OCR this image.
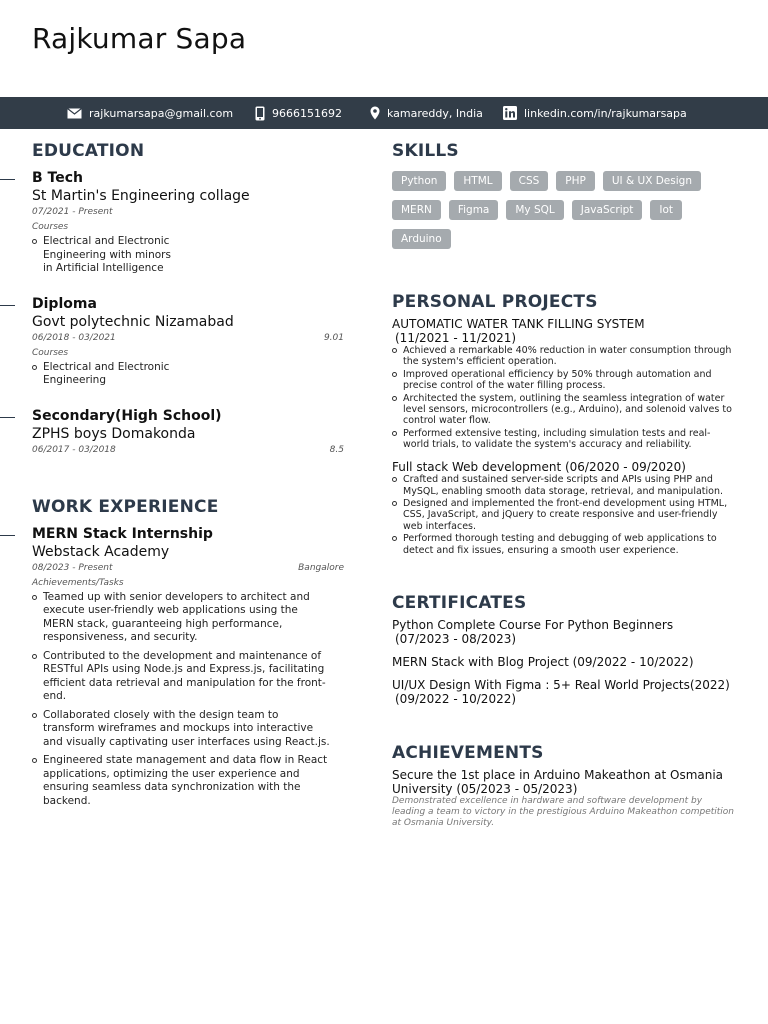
Rajkumar Sapa
rajkumarsapa@gmail.com	9666151692	kamareddy, India	linkedin.com/in/rajkumarsapa
EDUCATION
B Tech
St Martin's Engineering collage
07/2021 - Present
Courses
Electrical and Electronic Engineering with minors in Artificial Intelligence
Diploma
Govt polytechnic Nizamabad
06/2018 - 03/2021	9.01
Courses
Electrical and Electronic Engineering
Secondary(High School)
ZPHS boys Domakonda
06/2017 - 03/2018	8.5
WORK EXPERIENCE
MERN Stack Internship
Webstack Academy
08/2023 - Present	Bangalore
Achievements/Tasks
Teamed up with senior developers to architect and execute user-friendly web applications using the MERN stack, guaranteeing high performance, responsiveness, and security.
Contributed to the development and maintenance of RESTful APIs using Node.js and Express.js, facilitating efficient data retrieval and manipulation for the front-end.
Collaborated closely with the design team to transform wireframes and mockups into interactive and visually captivating user interfaces using React.js.
Engineered state management and data flow in React applications, optimizing the user experience and ensuring seamless data synchronization with the backend.
SKILLS
Python	HTML	CSS	PHP	UI & UX Design
MERN	Figma	My SQL	JavaScript	Iot
Arduino
PERSONAL PROJECTS
AUTOMATIC WATER TANK FILLING SYSTEM
(11/2021 - 11/2021)
Achieved a remarkable 40% reduction in water consumption through the system's efficient operation.
Improved operational efficiency by 50% through automation and precise control of the water filling process.
Architected the system, outlining the seamless integration of water level sensors, microcontrollers (e.g., Arduino), and solenoid valves to control water flow.
Performed extensive testing, including simulation tests and real-world trials, to validate the system's accuracy and reliability.
Full stack Web development (06/2020 - 09/2020)
Crafted and sustained server-side scripts and APIs using PHP and MySQL, enabling smooth data storage, retrieval, and manipulation.
Designed and implemented the front-end development using HTML, CSS, JavaScript, and jQuery to create responsive and user-friendly web interfaces.
Performed thorough testing and debugging of web applications to detect and fix issues, ensuring a smooth user experience.
CERTIFICATES
Python Complete Course For Python Beginners
(07/2023 - 08/2023)
MERN Stack with Blog Project (09/2022 - 10/2022)
UI/UX Design With Figma : 5+ Real World Projects(2022)
(09/2022 - 10/2022)
ACHIEVEMENTS
Secure the 1st place in Arduino Makeathon at Osmania University (05/2023 - 05/2023)
Demonstrated excellence in hardware and software development by leading a team to victory in the prestigious Arduino Makeathon competition at Osmania University.
